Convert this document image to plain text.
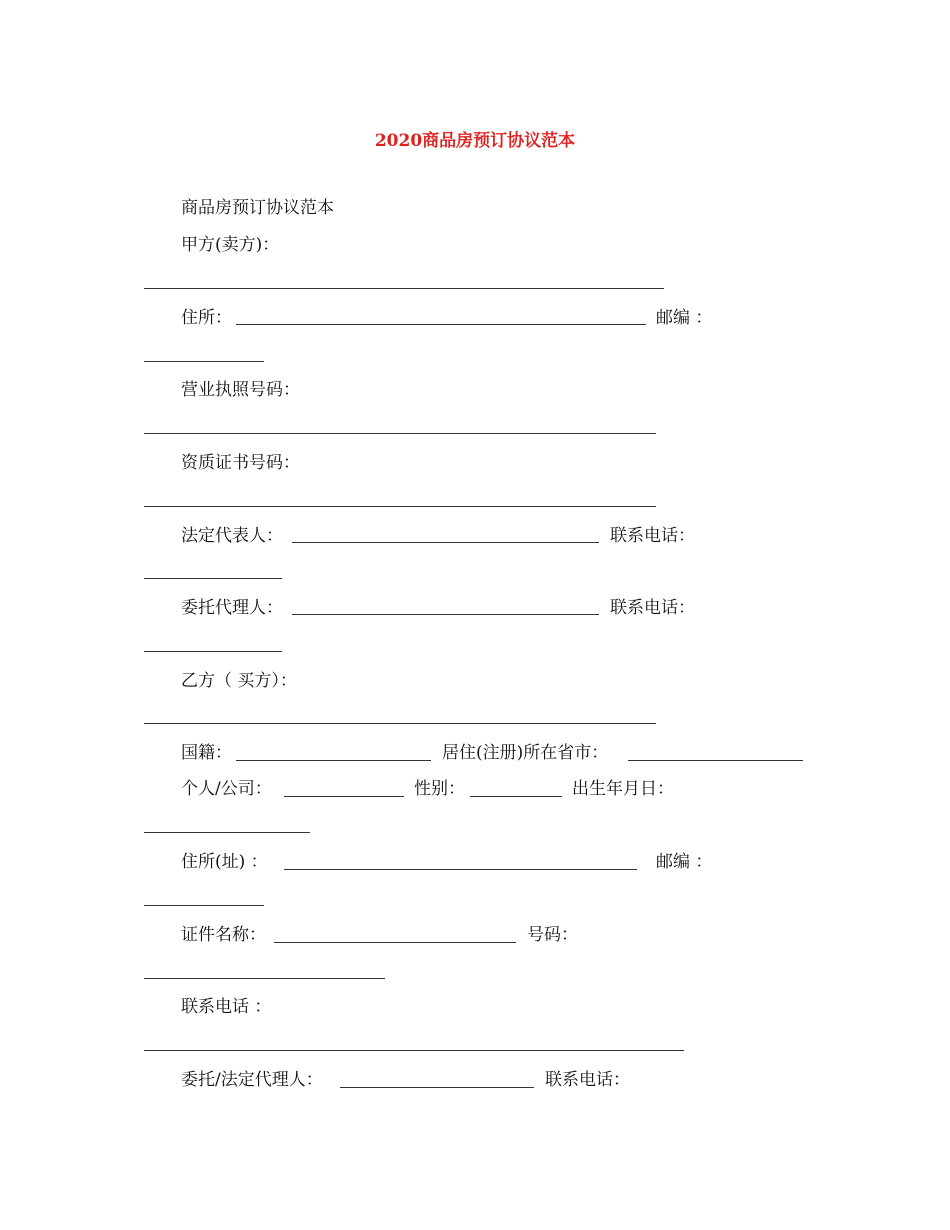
2020商品房预订协议范本
商品房预订协议范本
甲方(卖方)：
住所：	邮编 ：
营业执照号码：
资质证书号码：
法定代表人：	联系电话：
委托代理人：	联系电话：
乙方（ 买方）：
国籍：	居住(注册)所在省市：
个人/公司：	性别：	出生年月日：
住所(址) ：	邮编 ：
证件名称：	号码：
联系电话 ：
委托/法定代理人：	联系电话：
